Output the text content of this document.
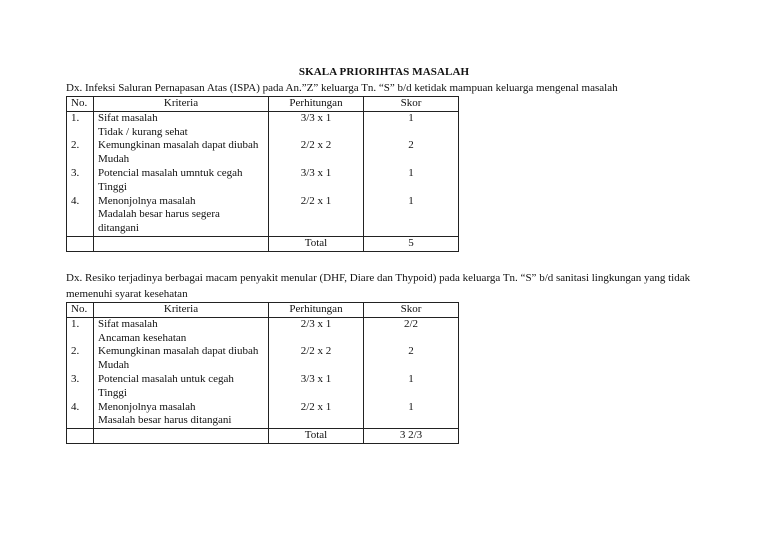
SKALA PRIORIHTAS MASALAH
Dx. Infeksi Saluran Pernapasan Atas (ISPA) pada An.”Z” keluarga Tn. “S” b/d ketidak mampuan keluarga mengenal masalah
No.	Kriteria	Perhitungan	Skor
1.	Sifat masalah	3/3 x 1	1
	Tidak / kurang sehat		
2.	Kemungkinan masalah dapat diubah	2/2 x 2	2
	Mudah		
3.	Potencial masalah umntuk cegah	3/3 x 1	1
	Tinggi		
4.	Menonjolnya masalah	2/2 x 1	1
	Madalah besar harus segera		
	ditangani		
		Total	5
Dx. Resiko terjadinya berbagai macam penyakit menular (DHF, Diare dan Thypoid) pada keluarga Tn. “S” b/d sanitasi lingkungan yang tidak
memenuhi syarat kesehatan
No.	Kriteria	Perhitungan	Skor
1.	Sifat masalah	2/3 x 1	2/2
	Ancaman kesehatan		
2.	Kemungkinan masalah dapat diubah	2/2 x 2	2
	Mudah		
3.	Potencial masalah untuk cegah	3/3 x 1	1
	Tinggi		
4.	Menonjolnya masalah	2/2 x 1	1
	Masalah besar harus ditangani		
		Total	3 2/3
